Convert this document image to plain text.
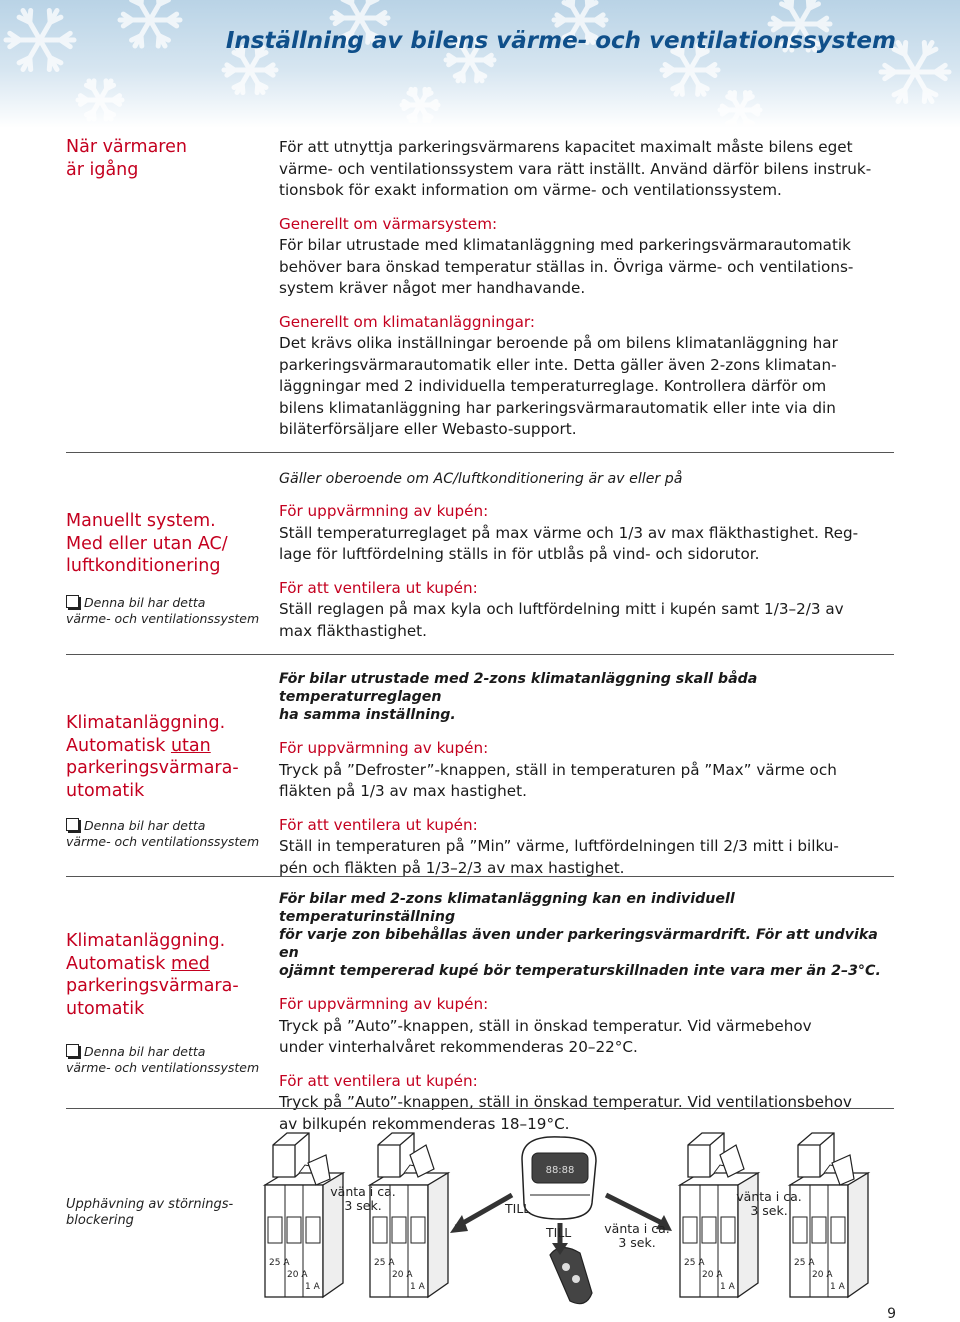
Inställning av bilens värme- och ventilationssystem
När värmaren
är igång

För att utnyttja parkeringsvärmarens kapacitet maximalt måste bilens eget

värme- och ventilationssystem vara rätt inställt. Använd därför bilens instruk-

tionsbok för exakt information om värme- och ventilationssystem.

Generellt om värmarsystem:

För bilar utrustade med klimatanläggning med parkeringsvärmarautomatik

behöver bara önskad temperatur ställas in. Övriga värme- och ventilations-

system kräver något mer handhavande.

Generellt om klimatanläggningar:

Det krävs olika inställningar beroende på om bilens klimatanläggning har

parkeringsvärmarautomatik eller inte. Detta gäller även 2-zons klimatan-

läggningar med 2 individuella temperaturreglage. Kontrollera därför om

bilens klimatanläggning har parkeringsvärmarautomatik eller inte via din

biläterförsäljare eller Webasto-support.

Manuellt system.
Med eller utan AC/
luftkonditionering
Denna bil har detta
värme- och ventilationssystem

Gäller oberoende om AC/luftkonditionering är av eller på

För uppvärmning av kupén:

Ställ temperaturreglaget på max värme och 1/3 av max fläkthastighet. Reg-

lage för luftfördelning ställs in för utblås på vind- och sidorutor.

För att ventilera ut kupén:

Ställ reglagen på max kyla och luftfördelning mitt i kupén samt 1/3–2/3 av

max fläkthastighet.

Klimatanläggning.
Automatisk utan
parkeringsvärmara-
utomatik
Denna bil har detta
värme- och ventilationssystem

För bilar utrustade med 2-zons klimatanläggning skall båda temperaturreglagen

ha samma inställning.

För uppvärmning av kupén:

Tryck på ”Defroster”-knappen, ställ in temperaturen på ”Max” värme och

fläkten på 1/3 av max hastighet.

För att ventilera ut kupén:

Ställ in temperaturen på ”Min” värme, luftfördelningen till 2/3 mitt i bilku-

pén och fläkten på 1/3–2/3 av max hastighet.

Klimatanläggning.
Automatisk med
parkeringsvärmara-
utomatik
Denna bil har detta
värme- och ventilationssystem

För bilar med 2-zons klimatanläggning kan en individuell temperaturinställning

för varje zon bibehållas även under parkeringsvärmardrift. För att undvika en

ojämnt tempererad kupé bör temperaturskillnaden inte vara mer än 2–3°C.

För uppvärmning av kupén:

Tryck på ”Auto”-knappen, ställ in önskad temperatur. Vid värmebehov

under vinterhalvåret rekommenderas 20–22°C.

För att ventilera ut kupén:

Tryck på ”Auto”-knappen, ställ in önskad temperatur. Vid ventilationsbehov

av bilkupén rekommenderas 18–19°C.

Upphävning av störnings-
blockering
88:88
25 A
20 A
1 A
25 A
20 A
1 A
25 A
20 A
1 A
25 A
20 A
1 A
vänta i ca.
3 sek.	TILL
TILL	vänta i ca.
3 sek.
vänta i ca.
3 sek.
9
